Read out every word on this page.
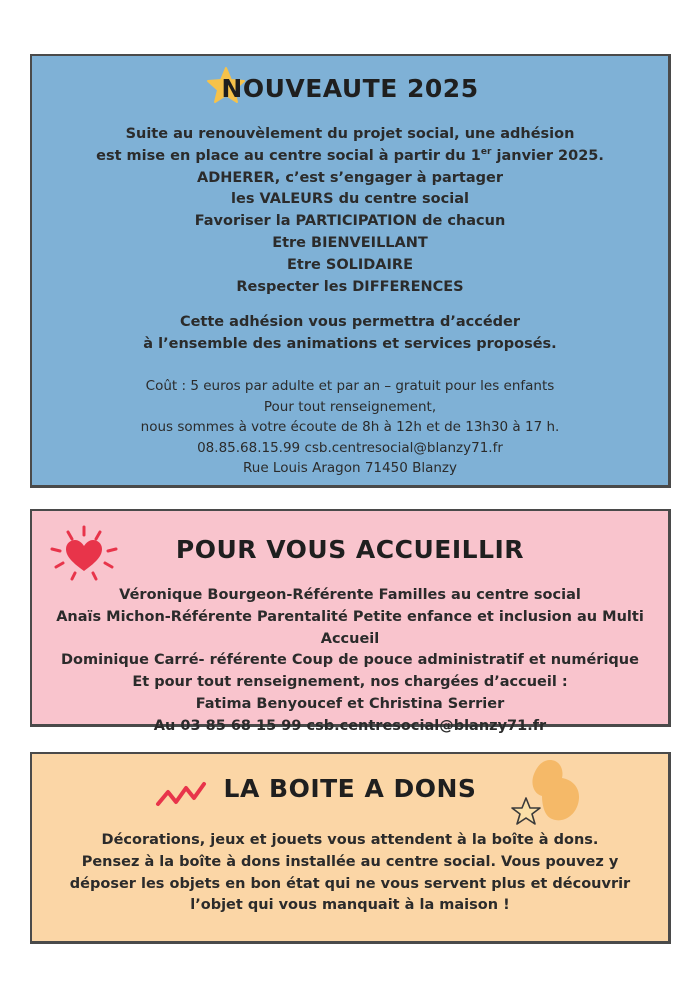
NOUVEAUTE 2025
Suite au renouvèlement du projet social, une adhésion
est mise en place au centre social à partir du 1er janvier 2025.
ADHERER, c’est s’engager à partager
les VALEURS du centre social
Favoriser la PARTICIPATION de chacun
Etre BIENVEILLANT
Etre SOLIDAIRE
Respecter les DIFFERENCES
Cette adhésion vous permettra d’accéder
à l’ensemble des animations et services proposés.
Coût : 5 euros par adulte et par an – gratuit pour les enfants
Pour tout renseignement,
nous sommes à votre écoute de 8h à 12h et de 13h30 à 17 h.
08.85.68.15.99 csb.centresocial@blanzy71.fr
Rue Louis Aragon 71450 Blanzy
POUR VOUS ACCUEILLIR
Véronique Bourgeon-Référente Familles au centre social
Anaïs Michon-Référente Parentalité Petite enfance et inclusion au Multi Accueil
Dominique Carré- référente Coup de pouce administratif et numérique
Et pour tout renseignement, nos chargées d’accueil :
Fatima Benyoucef et Christina Serrier
Au 03 85 68 15 99 csb.centresocial@blanzy71.fr
LA BOITE A DONS
Décorations, jeux et jouets vous attendent à la boîte à dons.
Pensez à la boîte à dons installée au centre social. Vous pouvez y
déposer les objets en bon état qui ne vous servent plus et découvrir
l’objet qui vous manquait à la maison !
